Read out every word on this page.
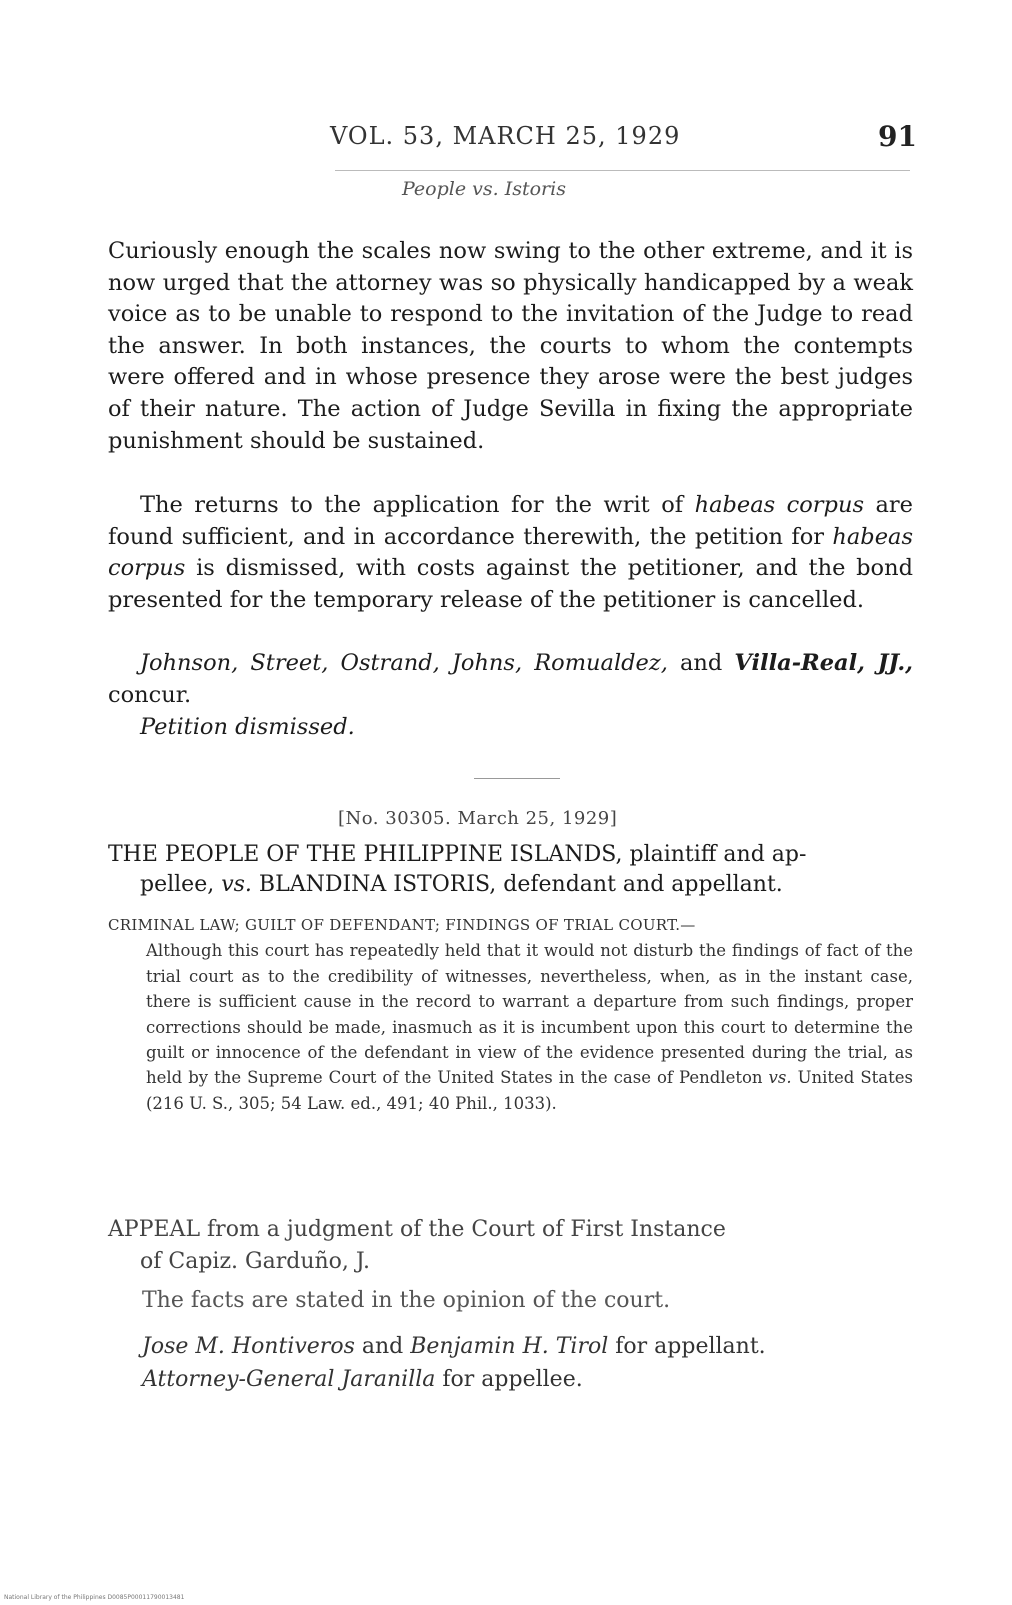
VOL. 53, MARCH 25, 1929	91
People vs. Istoris

Curiously enough the scales now swing to the other extreme, and it is now urged that the attorney was so physically handicapped by a weak voice as to be unable to respond to the invitation of the Judge to read the answer. In both instances, the courts to whom the contempts were offered and in whose presence they arose were the best judges of their nature. The action of Judge Sevilla in fixing the appropriate punishment should be sustained.

The returns to the application for the writ of habeas corpus are found sufficient, and in accordance therewith, the petition for habeas corpus is dismissed, with costs against the petitioner, and the bond presented for the temporary release of the petitioner is cancelled.

Johnson, Street, Ostrand, Johns, Romualdez, and Villa-Real, JJ., concur.

Petition dismissed.

[No. 30305. March 25, 1929]
THE PEOPLE OF THE PHILIPPINE ISLANDS, plaintiff and ap-
pellee, vs. BLANDINA ISTORIS, defendant and appellant.
CRIMINAL LAW; GUILT OF DEFENDANT; FINDINGS OF TRIAL COURT.—
Although this court has repeatedly held that it would not disturb the findings of fact of the trial court as to the credibility of witnesses, nevertheless, when, as in the instant case, there is sufficient cause in the record to warrant a departure from such findings, proper corrections should be made, inasmuch as it is incumbent upon this court to determine the guilt or innocence of the defendant in view of the evidence presented during the trial, as held by the Supreme Court of the United States in the case of Pendleton vs. United States (216 U. S., 305; 54 Law. ed., 491; 40 Phil., 1033).
APPEAL from a judgment of the Court of First Instance
of Capiz. Garduño, J.
The facts are stated in the opinion of the court.

Jose M. Hontiveros and Benjamin H. Tirol for appellant.

Attorney-General Jaranilla for appellee.

National Library of the Philippines D0085P00011790013481
